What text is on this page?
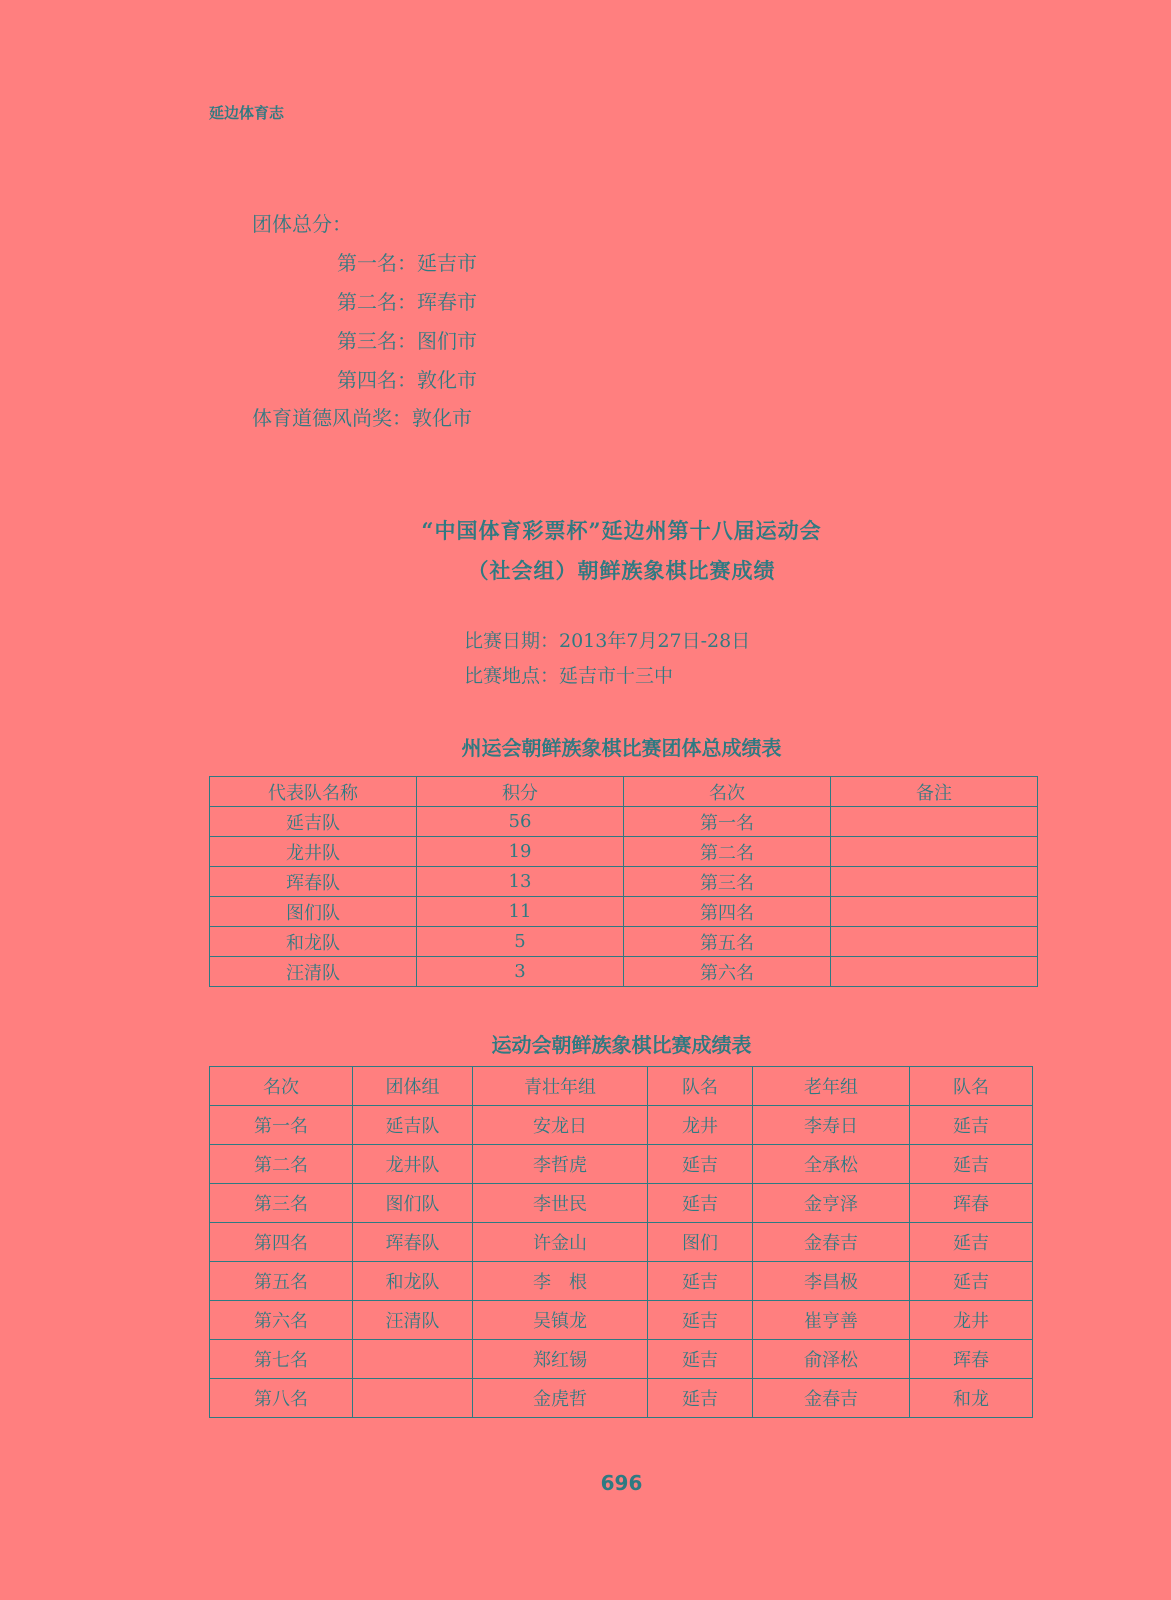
延边体育志
团体总分：
第一名：延吉市
第二名：珲春市
第三名：图们市
第四名：敦化市
体育道德风尚奖：敦化市
“中国体育彩票杯”延边州第十八届运动会
（社会组）朝鲜族象棋比赛成绩
比赛日期：2013年7月27日-28日
比赛地点：延吉市十三中
州运会朝鲜族象棋比赛团体总成绩表
代表队名称	积分	名次	备注
延吉队	56	第一名	
龙井队	19	第二名	
珲春队	13	第三名	
图们队	11	第四名	
和龙队	5	第五名	
汪清队	3	第六名	
运动会朝鲜族象棋比赛成绩表
名次	团体组	青壮年组	队名	老年组	队名
第一名	延吉队	安龙日	龙井	李寿日	延吉
第二名	龙井队	李哲虎	延吉	全承松	延吉
第三名	图们队	李世民	延吉	金亨泽	珲春
第四名	珲春队	许金山	图们	金春吉	延吉
第五名	和龙队	李　根	延吉	李昌极	延吉
第六名	汪清队	吴镇龙	延吉	崔亨善	龙井
第七名		郑红锡	延吉	俞泽松	珲春
第八名		金虎哲	延吉	金春吉	和龙
696
